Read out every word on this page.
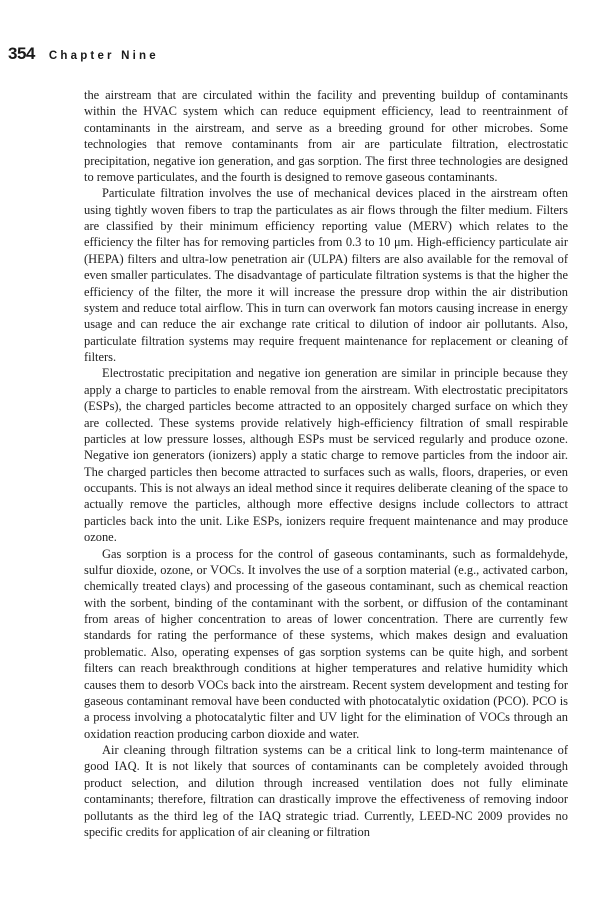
354 Chapter Nine

the airstream that are circulated within the facility and preventing buildup of contaminants within the HVAC system which can reduce equipment efficiency, lead to reentrainment of contaminants in the airstream, and serve as a breeding ground for other microbes. Some technologies that remove contaminants from air are particulate filtration, electrostatic precipitation, negative ion generation, and gas sorption. The first three technologies are designed to remove particulates, and the fourth is designed to remove gaseous contaminants.

Particulate filtration involves the use of mechanical devices placed in the airstream often using tightly woven fibers to trap the particulates as air flows through the filter medium. Filters are classified by their minimum efficiency reporting value (MERV) which relates to the efficiency the filter has for removing particles from 0.3 to 10 μm. High-efficiency particulate air (HEPA) filters and ultra-low penetration air (ULPA) filters are also available for the removal of even smaller particulates. The disadvantage of particulate filtration systems is that the higher the efficiency of the filter, the more it will increase the pressure drop within the air distribution system and reduce total airflow. This in turn can overwork fan motors causing increase in energy usage and can reduce the air exchange rate critical to dilution of indoor air pollutants. Also, particulate filtration systems may require frequent maintenance for replacement or cleaning of filters.

Electrostatic precipitation and negative ion generation are similar in principle because they apply a charge to particles to enable removal from the airstream. With electrostatic precipitators (ESPs), the charged particles become attracted to an oppositely charged surface on which they are collected. These systems provide relatively high-efficiency filtration of small respirable particles at low pressure losses, although ESPs must be serviced regularly and produce ozone. Negative ion generators (ionizers) apply a static charge to remove particles from the indoor air. The charged particles then become attracted to surfaces such as walls, floors, draperies, or even occupants. This is not always an ideal method since it requires deliberate cleaning of the space to actually remove the particles, although more effective designs include collectors to attract particles back into the unit. Like ESPs, ionizers require frequent maintenance and may produce ozone.

Gas sorption is a process for the control of gaseous contaminants, such as formaldehyde, sulfur dioxide, ozone, or VOCs. It involves the use of a sorption material (e.g., activated carbon, chemically treated clays) and processing of the gaseous contaminant, such as chemical reaction with the sorbent, binding of the contaminant with the sorbent, or diffusion of the contaminant from areas of higher concentration to areas of lower concentration. There are currently few standards for rating the performance of these systems, which makes design and evaluation problematic. Also, operating expenses of gas sorption systems can be quite high, and sorbent filters can reach breakthrough conditions at higher temperatures and relative humidity which causes them to desorb VOCs back into the airstream. Recent system development and testing for gaseous contaminant removal have been conducted with photocatalytic oxidation (PCO). PCO is a process involving a photocatalytic filter and UV light for the elimination of VOCs through an oxidation reaction producing carbon dioxide and water.

Air cleaning through filtration systems can be a critical link to long-term maintenance of good IAQ. It is not likely that sources of contaminants can be completely avoided through product selection, and dilution through increased ventilation does not fully eliminate contaminants; therefore, filtration can drastically improve the effectiveness of removing indoor pollutants as the third leg of the IAQ strategic triad. Currently, LEED-NC 2009 provides no specific credits for application of air cleaning or filtration
